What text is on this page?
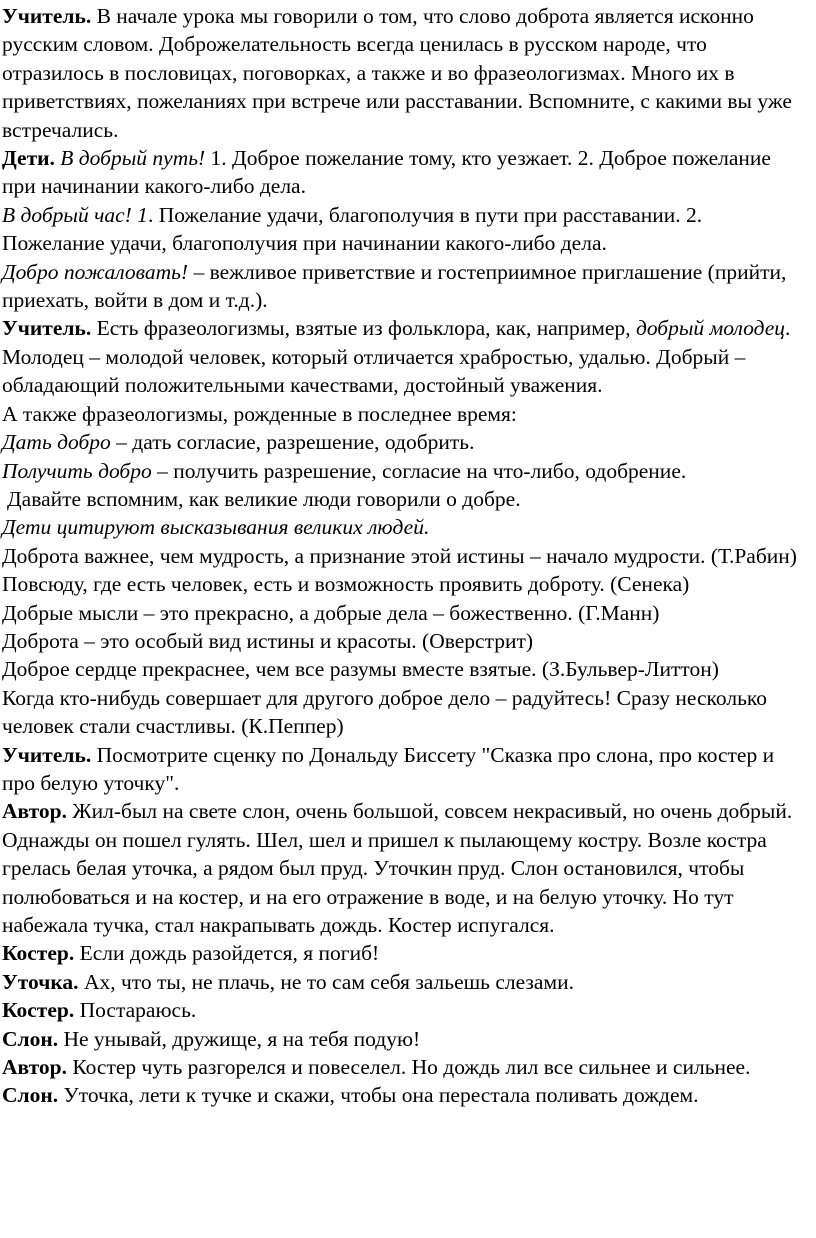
Учитель. В начале урока мы говорили о том, что слово доброта является исконно русским словом. Доброжелательность всегда ценилась в русском народе, что отразилось в пословицах, поговорках, а также и во фразеологизмах. Много их в приветствиях, пожеланиях при встрече или расставании. Вспомните, с какими вы уже встречались.

Дети. В добрый путь! 1. Доброе пожелание тому, кто уезжает. 2. Доброе пожелание при начинании какого-либо дела.

В добрый час! 1. Пожелание удачи, благополучия в пути при расставании. 2. Пожелание удачи, благополучия при начинании какого-либо дела.

Добро пожаловать! – вежливое приветствие и гостеприимное приглашение (прийти, приехать, войти в дом и т.д.).

Учитель. Есть фразеологизмы, взятые из фольклора, как, например, добрый молодец. Молодец – молодой человек, который отличается храбростью, удалью. Добрый – обладающий положительными качествами, достойный уважения.

А также фразеологизмы, рожденные в последнее время:

Дать добро – дать согласие, разрешение, одобрить.

Получить добро – получить разрешение, согласие на что-либо, одобрение.

Давайте вспомним, как великие люди говорили о добре.

Дети цитируют высказывания великих людей.

Доброта важнее, чем мудрость, а признание этой истины – начало мудрости. (Т.Рабин)

Повсюду, где есть человек, есть и возможность проявить доброту. (Сенека)

Добрые мысли – это прекрасно, а добрые дела – божественно. (Г.Манн)

Доброта – это особый вид истины и красоты. (Оверстрит)

Доброе сердце прекраснее, чем все разумы вместе взятые. (З.Бульвер-Литтон)

Когда кто-нибудь совершает для другого доброе дело – радуйтесь! Сразу несколько человек стали счастливы. (К.Пеппер)

Учитель. Посмотрите сценку по Дональду Биссету "Сказка про слона, про костер и про белую уточку".

Автор. Жил-был на свете слон, очень большой, совсем некрасивый, но очень добрый. Однажды он пошел гулять. Шел, шел и пришел к пылающему костру. Возле костра грелась белая уточка, а рядом был пруд. Уточкин пруд. Слон остановился, чтобы полюбоваться и на костер, и на его отражение в воде, и на белую уточку. Но тут набежала тучка, стал накрапывать дождь. Костер испугался.

Костер. Если дождь разойдется, я погиб!

Уточка. Ах, что ты, не плачь, не то сам себя зальешь слезами.

Костер. Постараюсь.

Слон. Не унывай, дружище, я на тебя подую!

Автор. Костер чуть разгорелся и повеселел. Но дождь лил все сильнее и сильнее.

Слон. Уточка, лети к тучке и скажи, чтобы она перестала поливать дождем.
